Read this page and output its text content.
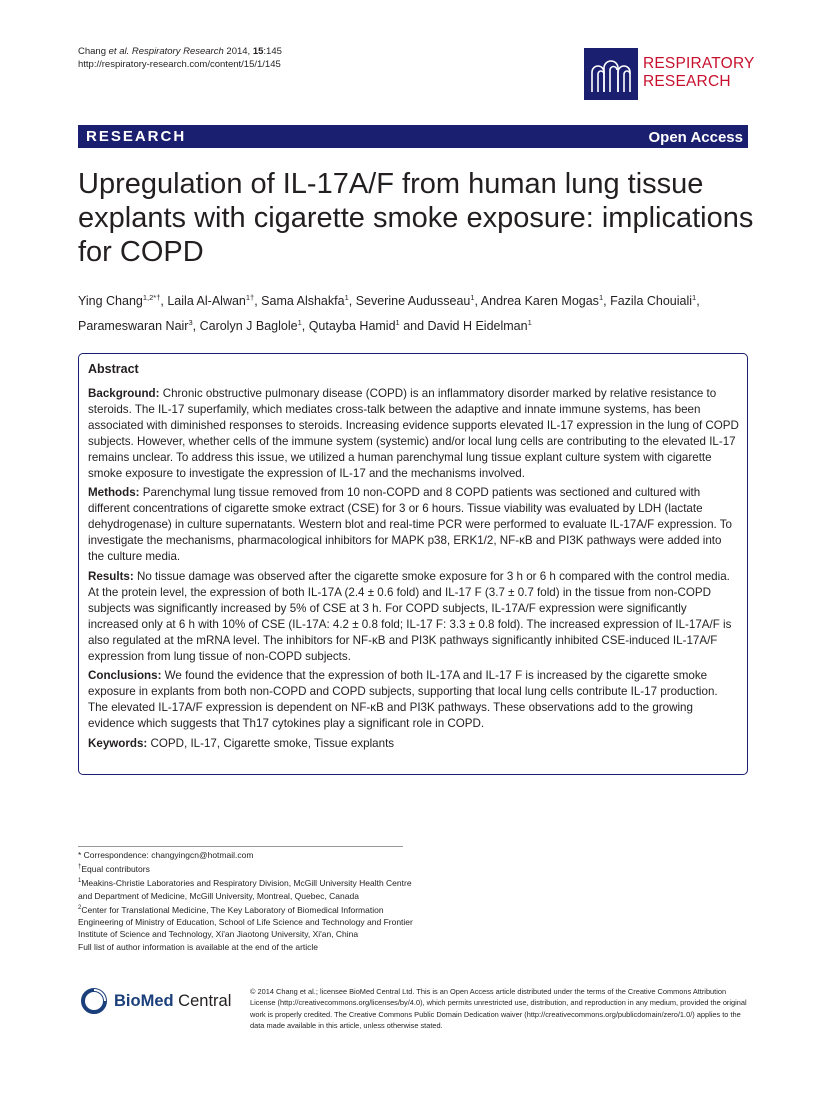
Chang et al. Respiratory Research 2014, 15:145
http://respiratory-research.com/content/15/1/145	RESPIRATORY
RESEARCH
RESEARCH	Open Access
Upregulation of IL-17A/F from human lung tissue explants with cigarette smoke exposure: implications for COPD
Ying Chang$^{1,2*\dagger}$, Laila Al-Alwan$^{1\dagger}$, Sama Alshakfa$^1$, Severine Audusseau$^1$, Andrea Karen Mogas$^1$, Fazila Chouiali$^1$,
Parameswaran Nair$^3$, Carolyn J Baglole$^1$, Qutayba Hamid$^1$ and David H Eidelman$^1$
Abstract

Background: Chronic obstructive pulmonary disease (COPD) is an inflammatory disorder marked by relative resistance to steroids. The IL-17 superfamily, which mediates cross-talk between the adaptive and innate immune systems, has been associated with diminished responses to steroids. Increasing evidence supports elevated IL-17 expression in the lung of COPD subjects. However, whether cells of the immune system (systemic) and/or local lung cells are contributing to the elevated IL-17 remains unclear. To address this issue, we utilized a human parenchymal lung tissue explant culture system with cigarette smoke exposure to investigate the expression of IL-17 and the mechanisms involved.

Methods: Parenchymal lung tissue removed from 10 non-COPD and 8 COPD patients was sectioned and cultured with different concentrations of cigarette smoke extract (CSE) for 3 or 6 hours. Tissue viability was evaluated by LDH (lactate dehydrogenase) in culture supernatants. Western blot and real-time PCR were performed to evaluate IL-17A/F expression. To investigate the mechanisms, pharmacological inhibitors for MAPK p38, ERK1/2, NF-κB and PI3K pathways were added into the culture media.

Results: No tissue damage was observed after the cigarette smoke exposure for 3 h or 6 h compared with the control media. At the protein level, the expression of both IL-17A (2.4 ± 0.6 fold) and IL-17 F (3.7 ± 0.7 fold) in the tissue from non-COPD subjects was significantly increased by 5% of CSE at 3 h. For COPD subjects, IL-17A/F expression were significantly increased only at 6 h with 10% of CSE (IL-17A: 4.2 ± 0.8 fold; IL-17 F: 3.3 ± 0.8 fold). The increased expression of IL-17A/F is also regulated at the mRNA level. The inhibitors for NF-κB and PI3K pathways significantly inhibited CSE-induced IL-17A/F expression from lung tissue of non-COPD subjects.

Conclusions: We found the evidence that the expression of both IL-17A and IL-17 F is increased by the cigarette smoke exposure in explants from both non-COPD and COPD subjects, supporting that local lung cells contribute IL-17 production. The elevated IL-17A/F expression is dependent on NF-κB and PI3K pathways. These observations add to the growing evidence which suggests that Th17 cytokines play a significant role in COPD.

Keywords: COPD, IL-17, Cigarette smoke, Tissue explants

* Correspondence: changyingcn@hotmail.com
†Equal contributors
$^1$Meakins-Christie Laboratories and Respiratory Division, McGill University Health Centre and Department of Medicine, McGill University, Montreal, Quebec, Canada
$^2$Center for Translational Medicine, The Key Laboratory of Biomedical Information Engineering of Ministry of Education, School of Life Science and Technology and Frontier Institute of Science and Technology, Xi'an Jiaotong University, Xi'an, China
Full list of author information is available at the end of the article
BioMed Central
© 2014 Chang et al.; licensee BioMed Central Ltd. This is an Open Access article distributed under the terms of the Creative Commons Attribution License (http://creativecommons.org/licenses/by/4.0), which permits unrestricted use, distribution, and reproduction in any medium, provided the original work is properly credited. The Creative Commons Public Domain Dedication waiver (http://creativecommons.org/publicdomain/zero/1.0/) applies to the data made available in this article, unless otherwise stated.
